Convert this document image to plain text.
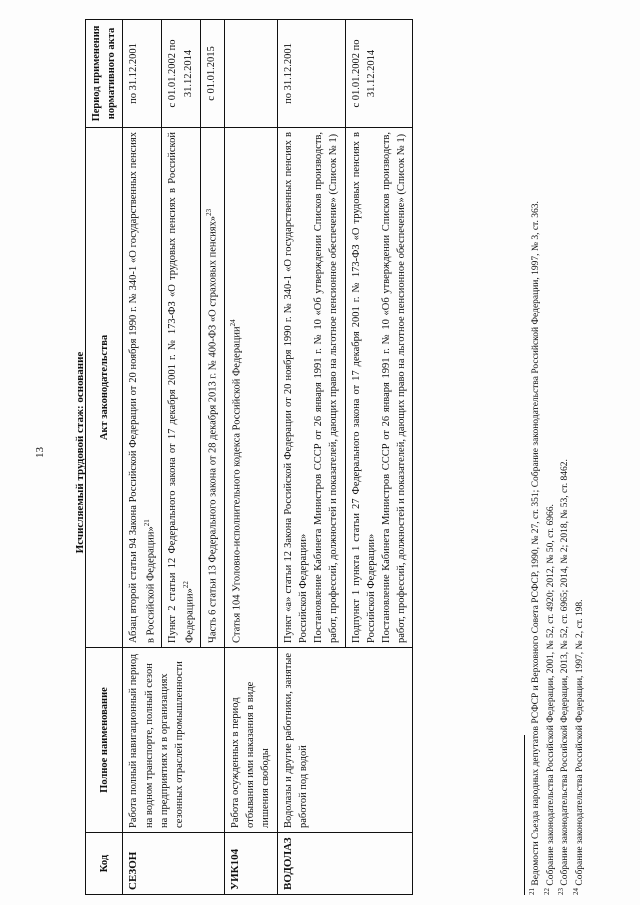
13	Исчисляемый трудовой стаж: основание
Код	Полное наименование	Акт законодательства	Период применения нормативного акта
СЕЗОН	Работа полный навигационный период на водном транспорте, полный сезон на предприятиях и в организациях сезонных отраслей промышленности	Абзац второй статьи 94 Закона Российской Федерации от 20 ноября 1990 г. № 340-1 «О государственных пенсиях в Российской Федерации»$^{21}$	по 31.12.2001
		Пункт 2 статьи 12 Федерального закона от 17 декабря 2001 г. № 173-ФЗ «О трудовых пенсиях в Российской Федерации»$^{22}$	с 01.01.2002 по 31.12.2014
		Часть 6 статьи 13 Федерального закона от 28 декабря 2013 г. № 400-ФЗ «О страховых пенсиях»$^{23}$	с 01.01.2015
УИК104	Работа осужденных в период отбывания ими наказания в виде лишения свободы	Статья 104 Уголовно-исполнительного кодекса Российской Федерации$^{24}$	
ВОДОЛАЗ	Водолазы и другие работники, занятые работой под водой	Пункт «а» статьи 12 Закона Российской Федерации от 20 ноября 1990 г. № 340-1 «О государственных пенсиях в Российской Федерации» Постановление Кабинета Министров СССР от 26 января 1991 г. № 10 «Об утверждении Списков производств, работ, профессий, должностей и показателей, дающих право на льготное пенсионное обеспечение» (Список № 1)	по 31.12.2001

		Подпункт 1 пункта 1 статьи 27 Федерального закона от 17 декабря 2001 г. № 173-ФЗ «О трудовых пенсиях в Российской Федерации» Постановление Кабинета Министров СССР от 26 января 1991 г. № 10 «Об утверждении Списков производств, работ, профессий, должностей и показателей, дающих право на льготное пенсионное обеспечение» (Список № 1)	с 01.01.2002 по 31.12.2014
$^{21}$ Ведомости Съезда народных депутатов РСФСР и Верховного Совета РСФСР, 1990, № 27, ст. 351; Собрание законодательства Российской Федерации, 1997, № 3, ст. 363.
$^{22}$ Собрание законодательства Российской Федерации, 2001, № 52, ст. 4920; 2012, № 50, ст. 6966.
$^{23}$ Собрание законодательства Российской Федерации, 2013, № 52, ст. 6965; 2014, № 2; 2018, № 53, ст. 8462.
$^{24}$ Собрание законодательства Российской Федерации, 1997, № 2, ст. 198.
